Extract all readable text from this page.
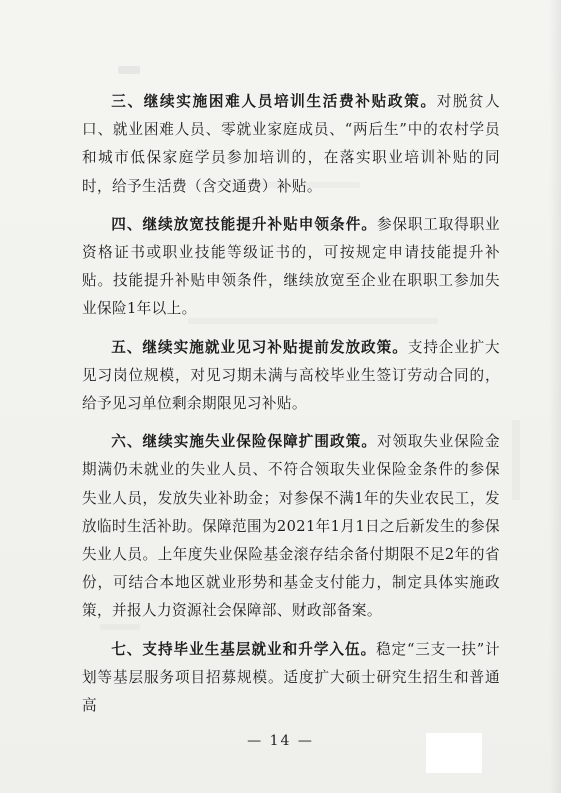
三、继续实施困难人员培训生活费补贴政策。对脱贫人口、就业困难人员、零就业家庭成员、“两后生”中的农村学员和城市低保家庭学员参加培训的，在落实职业培训补贴的同时，给予生活费（含交通费）补贴。

四、继续放宽技能提升补贴申领条件。参保职工取得职业资格证书或职业技能等级证书的，可按规定申请技能提升补贴。技能提升补贴申领条件，继续放宽至企业在职职工参加失业保险1年以上。

五、继续实施就业见习补贴提前发放政策。支持企业扩大见习岗位规模，对见习期未满与高校毕业生签订劳动合同的，给予见习单位剩余期限见习补贴。

六、继续实施失业保险保障扩围政策。对领取失业保险金期满仍未就业的失业人员、不符合领取失业保险金条件的参保失业人员，发放失业补助金；对参保不满1年的失业农民工，发放临时生活补助。保障范围为2021年1月1日之后新发生的参保失业人员。上年度失业保险基金滚存结余备付期限不足2年的省份，可结合本地区就业形势和基金支付能力，制定具体实施政策，并报人力资源社会保障部、财政部备案。

七、支持毕业生基层就业和升学入伍。稳定“三支一扶”计划等基层服务项目招募规模。适度扩大硕士研究生招生和普通高

— 14 —
